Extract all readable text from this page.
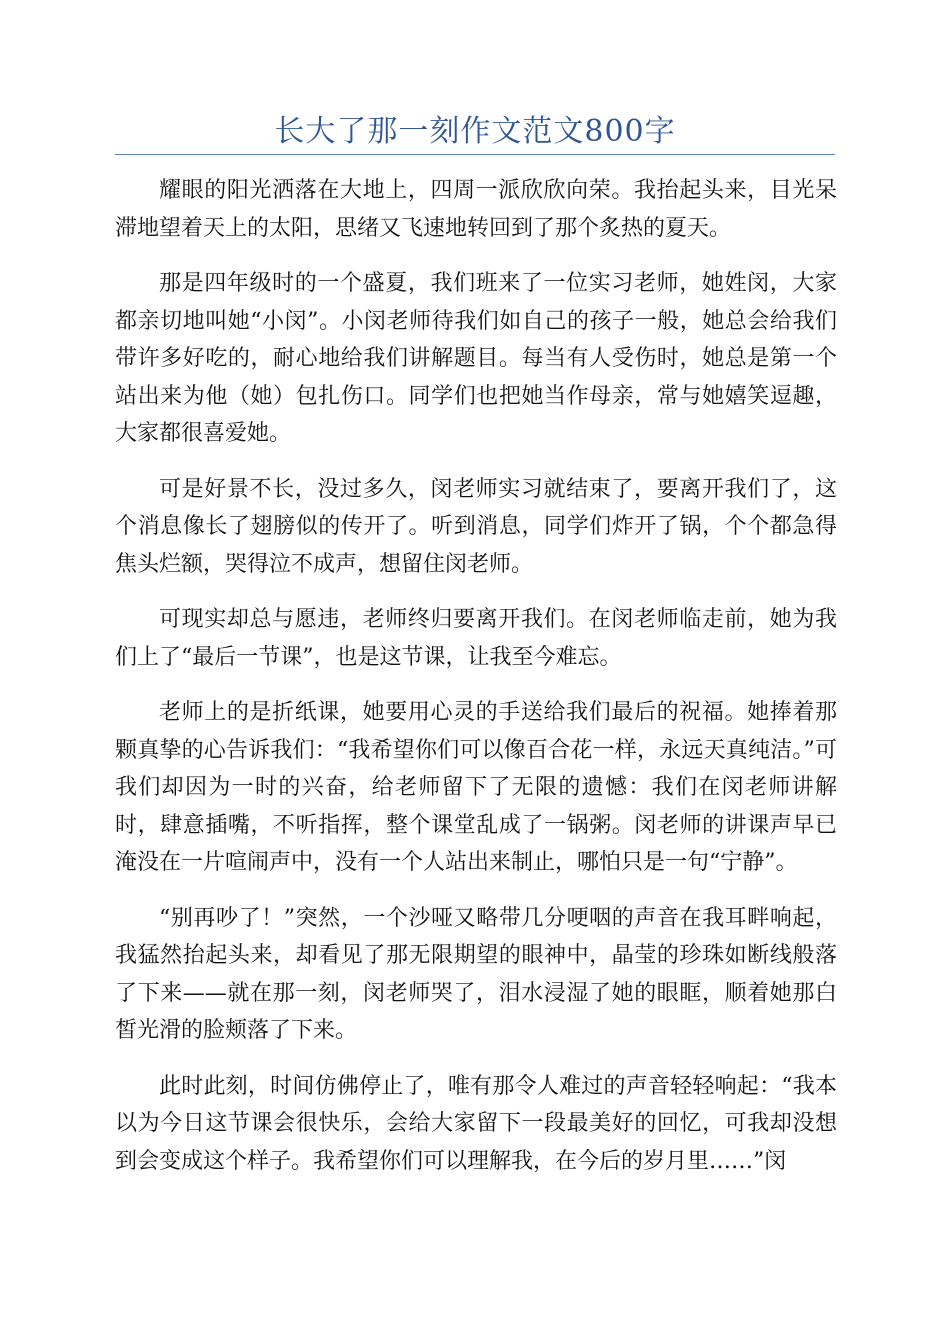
长大了那一刻作文范文800字

耀眼的阳光洒落在大地上，四周一派欣欣向荣。我抬起头来，目光呆滞地望着天上的太阳，思绪又飞速地转回到了那个炙热的夏天。

那是四年级时的一个盛夏，我们班来了一位实习老师，她姓闵，大家都亲切地叫她“小闵”。小闵老师待我们如自己的孩子一般，她总会给我们带许多好吃的，耐心地给我们讲解题目。每当有人受伤时，她总是第一个站出来为他（她）包扎伤口。同学们也把她当作母亲，常与她嬉笑逗趣，大家都很喜爱她。

可是好景不长，没过多久，闵老师实习就结束了，要离开我们了，这个消息像长了翅膀似的传开了。听到消息，同学们炸开了锅，个个都急得焦头烂额，哭得泣不成声，想留住闵老师。

可现实却总与愿违，老师终归要离开我们。在闵老师临走前，她为我们上了“最后一节课”，也是这节课，让我至今难忘。

老师上的是折纸课，她要用心灵的手送给我们最后的祝福。她捧着那颗真挚的心告诉我们：“我希望你们可以像百合花一样，永远天真纯洁。”可我们却因为一时的兴奋，给老师留下了无限的遗憾：我们在闵老师讲解时，肆意插嘴，不听指挥，整个课堂乱成了一锅粥。闵老师的讲课声早已淹没在一片喧闹声中，没有一个人站出来制止，哪怕只是一句“宁静”。

“别再吵了！”突然，一个沙哑又略带几分哽咽的声音在我耳畔响起，我猛然抬起头来，却看见了那无限期望的眼神中，晶莹的珍珠如断线般落了下来——就在那一刻，闵老师哭了，泪水浸湿了她的眼眶，顺着她那白皙光滑的脸颊落了下来。

此时此刻，时间仿佛停止了，唯有那令人难过的声音轻轻响起：“我本以为今日这节课会很快乐，会给大家留下一段最美好的回忆，可我却没想到会变成这个样子。我希望你们可以理解我，在今后的岁月里……”闵
